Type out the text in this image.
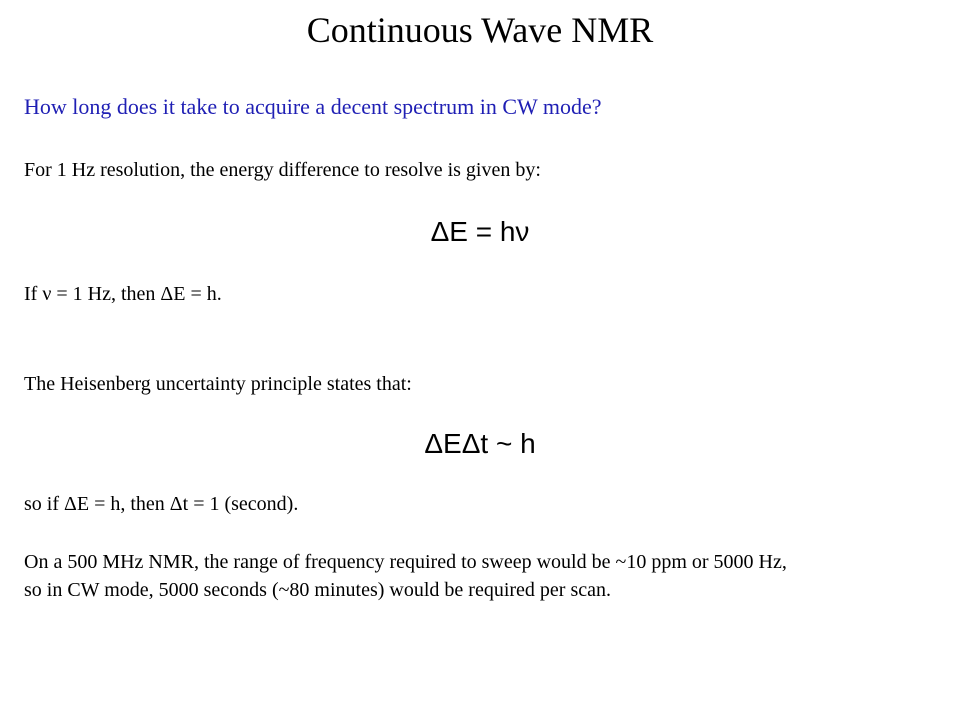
Continuous Wave NMR
How long does it take to acquire a decent spectrum in CW mode?
For 1 Hz resolution, the energy difference to resolve is given by:
ΔE = hν
If ν = 1 Hz, then ΔE = h.
The Heisenberg uncertainty principle states that:
ΔEΔt ~ h
so if ΔE = h, then Δt = 1 (second).
On a 500 MHz NMR, the range of frequency required to sweep would be ~10 ppm or 5000 Hz,
so in CW mode, 5000 seconds (~80 minutes) would be required per scan.
